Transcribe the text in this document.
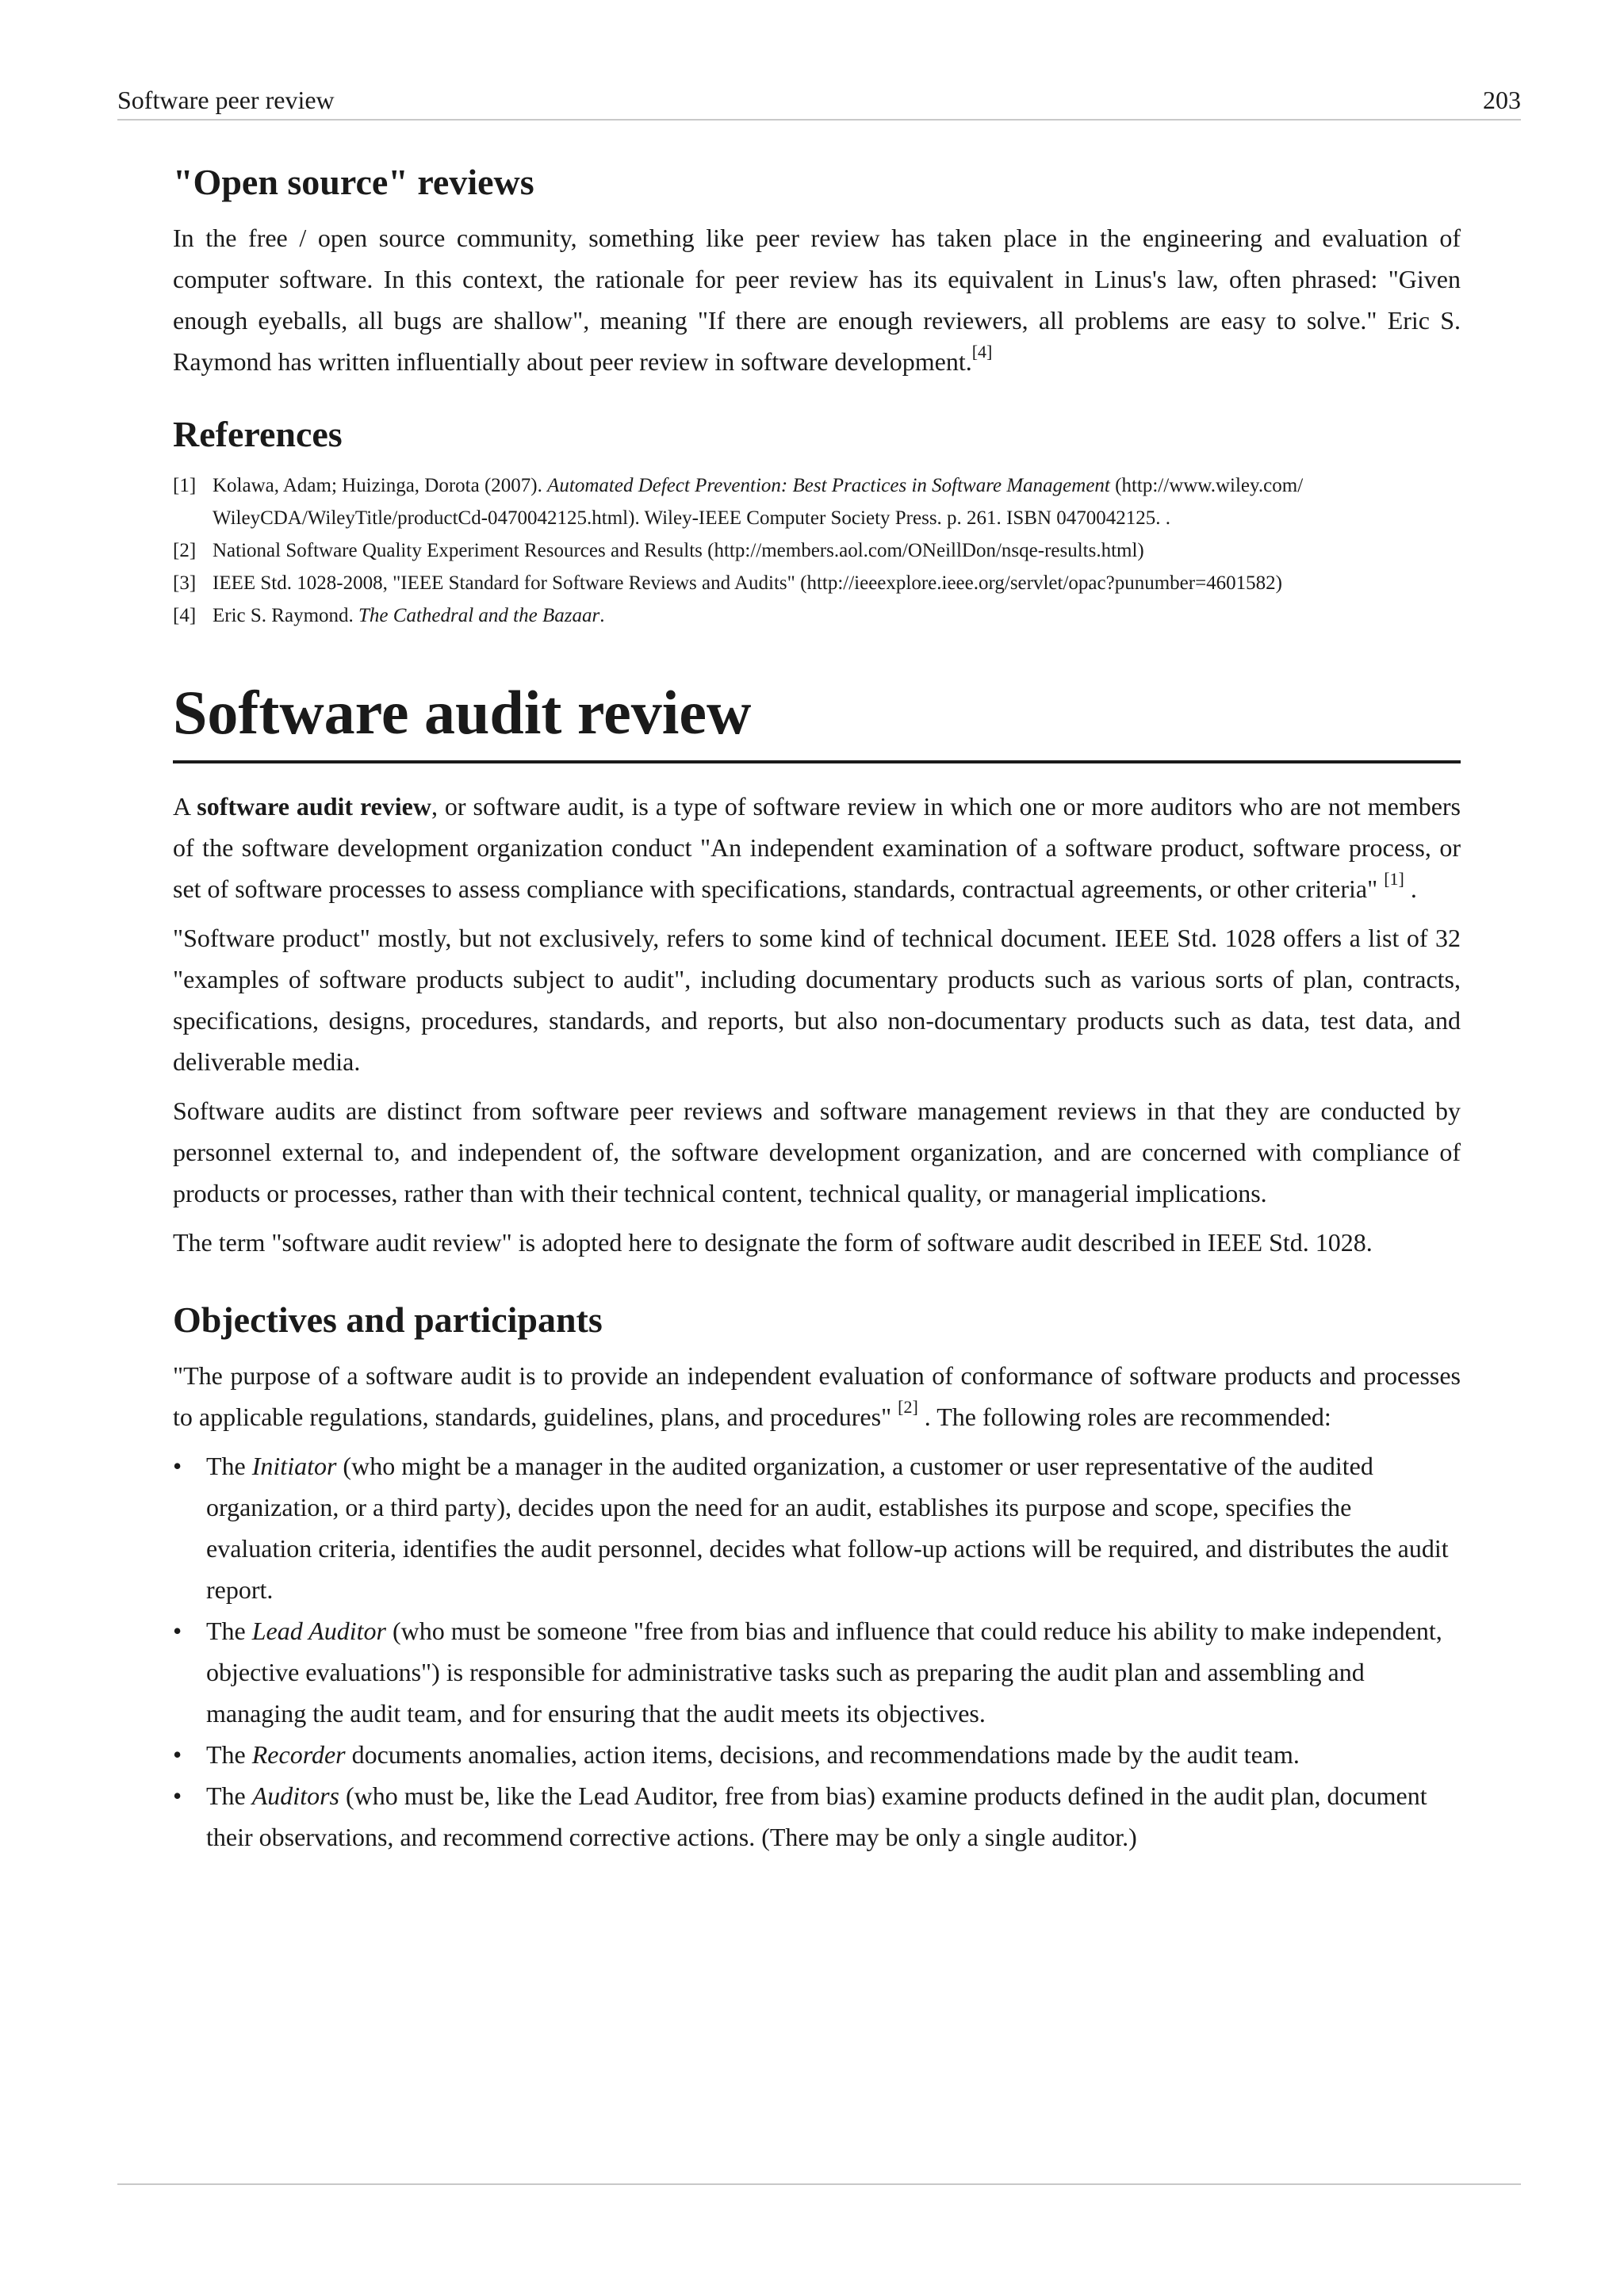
Software peer review	203
"Open source" reviews

In the free / open source community, something like peer review has taken place in the engineering and evaluation of computer software. In this context, the rationale for peer review has its equivalent in Linus's law, often phrased: "Given enough eyeballs, all bugs are shallow", meaning "If there are enough reviewers, all problems are easy to solve." Eric S. Raymond has written influentially about peer review in software development.[4]

References
[1] Kolawa, Adam; Huizinga, Dorota (2007). Automated Defect Prevention: Best Practices in Software Management (http://www.wiley.com/ WileyCDA/WileyTitle/productCd-0470042125.html). Wiley-IEEE Computer Society Press. p. 261. ISBN 0470042125. .
[2] National Software Quality Experiment Resources and Results (http://members.aol.com/ONeillDon/nsqe-results.html)
[3] IEEE Std. 1028-2008, "IEEE Standard for Software Reviews and Audits" (http://ieeexplore.ieee.org/servlet/opac?punumber=4601582)
[4] Eric S. Raymond. The Cathedral and the Bazaar.
Software audit review

A software audit review, or software audit, is a type of software review in which one or more auditors who are not members of the software development organization conduct "An independent examination of a software product, software process, or set of software processes to assess compliance with specifications, standards, contractual agreements, or other criteria" [1] .

"Software product" mostly, but not exclusively, refers to some kind of technical document. IEEE Std. 1028 offers a list of 32 "examples of software products subject to audit", including documentary products such as various sorts of plan, contracts, specifications, designs, procedures, standards, and reports, but also non-documentary products such as data, test data, and deliverable media.

Software audits are distinct from software peer reviews and software management reviews in that they are conducted by personnel external to, and independent of, the software development organization, and are concerned with compliance of products or processes, rather than with their technical content, technical quality, or managerial implications.

The term "software audit review" is adopted here to designate the form of software audit described in IEEE Std. 1028.

Objectives and participants

"The purpose of a software audit is to provide an independent evaluation of conformance of software products and processes to applicable regulations, standards, guidelines, plans, and procedures" [2] . The following roles are recommended:

• The Initiator (who might be a manager in the audited organization, a customer or user representative of the audited organization, or a third party), decides upon the need for an audit, establishes its purpose and scope, specifies the evaluation criteria, identifies the audit personnel, decides what follow-up actions will be required, and distributes the audit report.
• The Lead Auditor (who must be someone "free from bias and influence that could reduce his ability to make independent, objective evaluations") is responsible for administrative tasks such as preparing the audit plan and assembling and managing the audit team, and for ensuring that the audit meets its objectives.
• The Recorder documents anomalies, action items, decisions, and recommendations made by the audit team.
• The Auditors (who must be, like the Lead Auditor, free from bias) examine products defined in the audit plan, document their observations, and recommend corrective actions. (There may be only a single auditor.)
